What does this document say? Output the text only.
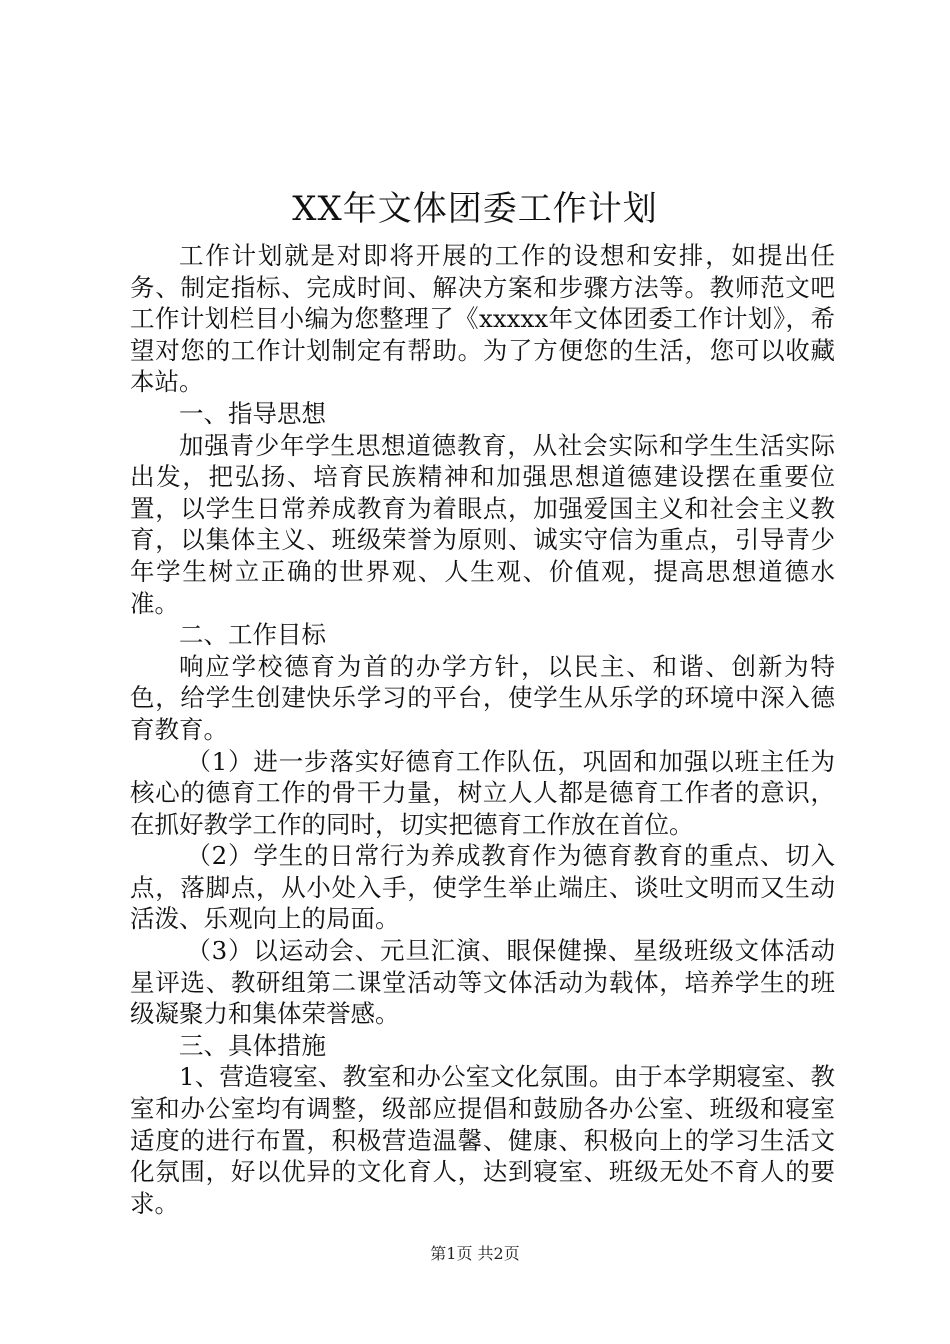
XX年文体团委工作计划

工作计划就是对即将开展的工作的设想和安排，如提出任务、制定指标、完成时间、解决方案和步骤方法等。教师范文吧工作计划栏目小编为您整理了《xxxxx年文体团委工作计划》，希望对您的工作计划制定有帮助。为了方便您的生活，您可以收藏本站。

一、指导思想

加强青少年学生思想道德教育，从社会实际和学生生活实际出发，把弘扬、培育民族精神和加强思想道德建设摆在重要位置，以学生日常养成教育为着眼点，加强爱国主义和社会主义教育，以集体主义、班级荣誉为原则、诚实守信为重点，引导青少年学生树立正确的世界观、人生观、价值观，提高思想道德水准。

二、工作目标

响应学校德育为首的办学方针，以民主、和谐、创新为特色，给学生创建快乐学习的平台，使学生从乐学的环境中深入德育教育。

（1）进一步落实好德育工作队伍，巩固和加强以班主任为核心的德育工作的骨干力量，树立人人都是德育工作者的意识，在抓好教学工作的同时，切实把德育工作放在首位。

（2）学生的日常行为养成教育作为德育教育的重点、切入点，落脚点，从小处入手，使学生举止端庄、谈吐文明而又生动活泼、乐观向上的局面。

（3）以运动会、元旦汇演、眼保健操、星级班级文体活动星评选、教研组第二课堂活动等文体活动为载体，培养学生的班级凝聚力和集体荣誉感。

三、具体措施

1、营造寝室、教室和办公室文化氛围。由于本学期寝室、教室和办公室均有调整，级部应提倡和鼓励各办公室、班级和寝室适度的进行布置，积极营造温馨、健康、积极向上的学习生活文化氛围，好以优异的文化育人，达到寝室、班级无处不育人的要求。

第1页 共2页
